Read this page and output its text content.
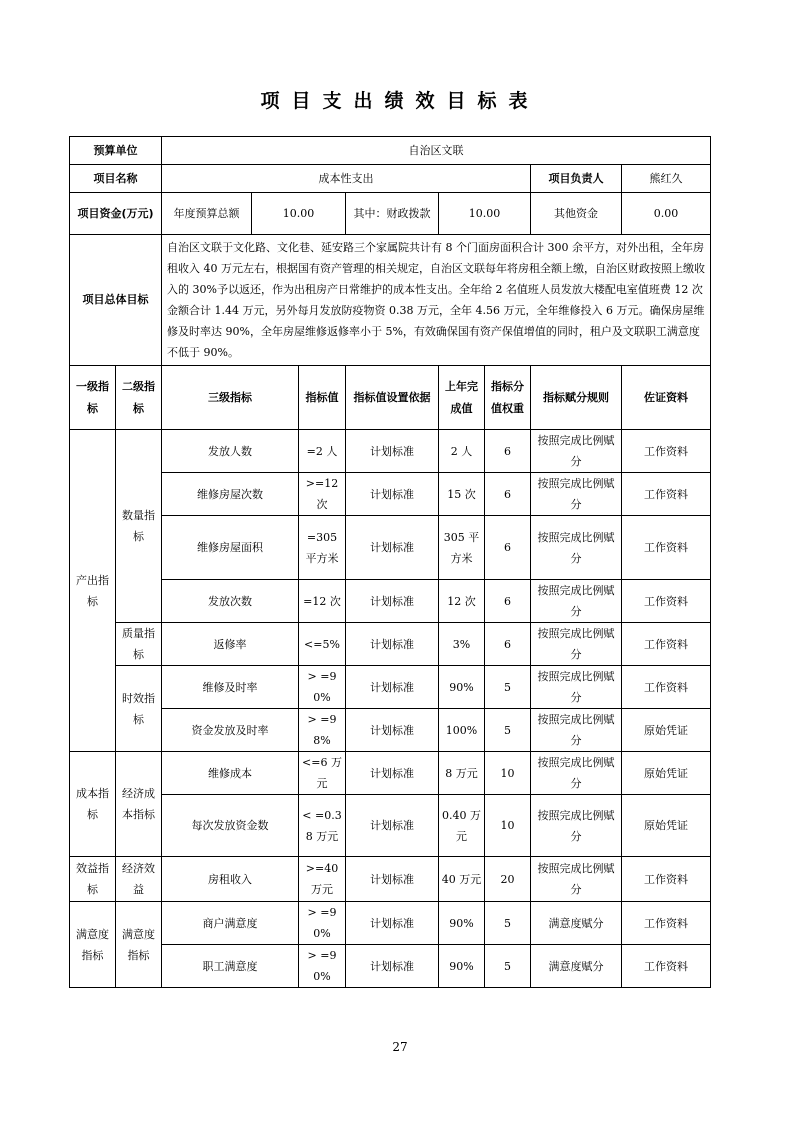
项目支出绩效目标表
预算单位		自治区文联							
项目名称		成本性支出						项目负责人	熊红久
项目资金(万元)		年度预算总额	10.00		其中：财政拨款	10.00		其他资金	0.00
项目总体目标		自治区文联于文化路、文化巷、延安路三个家属院共计有 8 个门面房面积合计 300 余平方，对外出租，全年房租收入 40 万元左右，根据国有资产管理的相关规定，自治区文联每年将房租全额上缴，自治区财政按照上缴收入的 30%予以返还，作为出租房产日常维护的成本性支出。全年给 2 名值班人员发放大楼配电室值班费 12 次金额合计 1.44 万元，另外每月发放防疫物资 0.38 万元，全年 4.56 万元，全年维修投入 6 万元。确保房屋维修及时率达 90%，全年房屋维修返修率小于 5%，有效确保国有资产保值增值的同时，租户及文联职工满意度不低于 90%。							
一级指标	二级指标	三级指标		指标值	指标值设置依据	上年完成值	指标分值权重	指标赋分规则	佐证资料
产出指标	数量指标	发放人数		=2 人	计划标准	2 人	6	按照完成比例赋分	工作资料
		维修房屋次数		>=12 次	计划标准	15 次	6	按照完成比例赋分	工作资料
		维修房屋面积		=305 平方米	计划标准	305 平方米	6	按照完成比例赋分	工作资料
		发放次数		=12 次	计划标准	12 次	6	按照完成比例赋分	工作资料
	质量指标	返修率		<=5%	计划标准	3%	6	按照完成比例赋分	工作资料
	时效指标	维修及时率		> =90%	计划标准	90%	5	按照完成比例赋分	工作资料
		资金发放及时率		> =98%	计划标准	100%	5	按照完成比例赋分	原始凭证
成本指标	经济成本指标	维修成本		<=6 万元	计划标准	8 万元	10	按照完成比例赋分	原始凭证
		每次发放资金数		< =0.38 万元	计划标准	0.40 万元	10	按照完成比例赋分	原始凭证
效益指标	经济效益	房租收入		>=40 万元	计划标准	40 万元	20	按照完成比例赋分	工作资料
满意度指标	满意度指标	商户满意度		> =90%	计划标准	90%	5	满意度赋分	工作资料
		职工满意度		> =90%	计划标准	90%	5	满意度赋分	工作资料
27
